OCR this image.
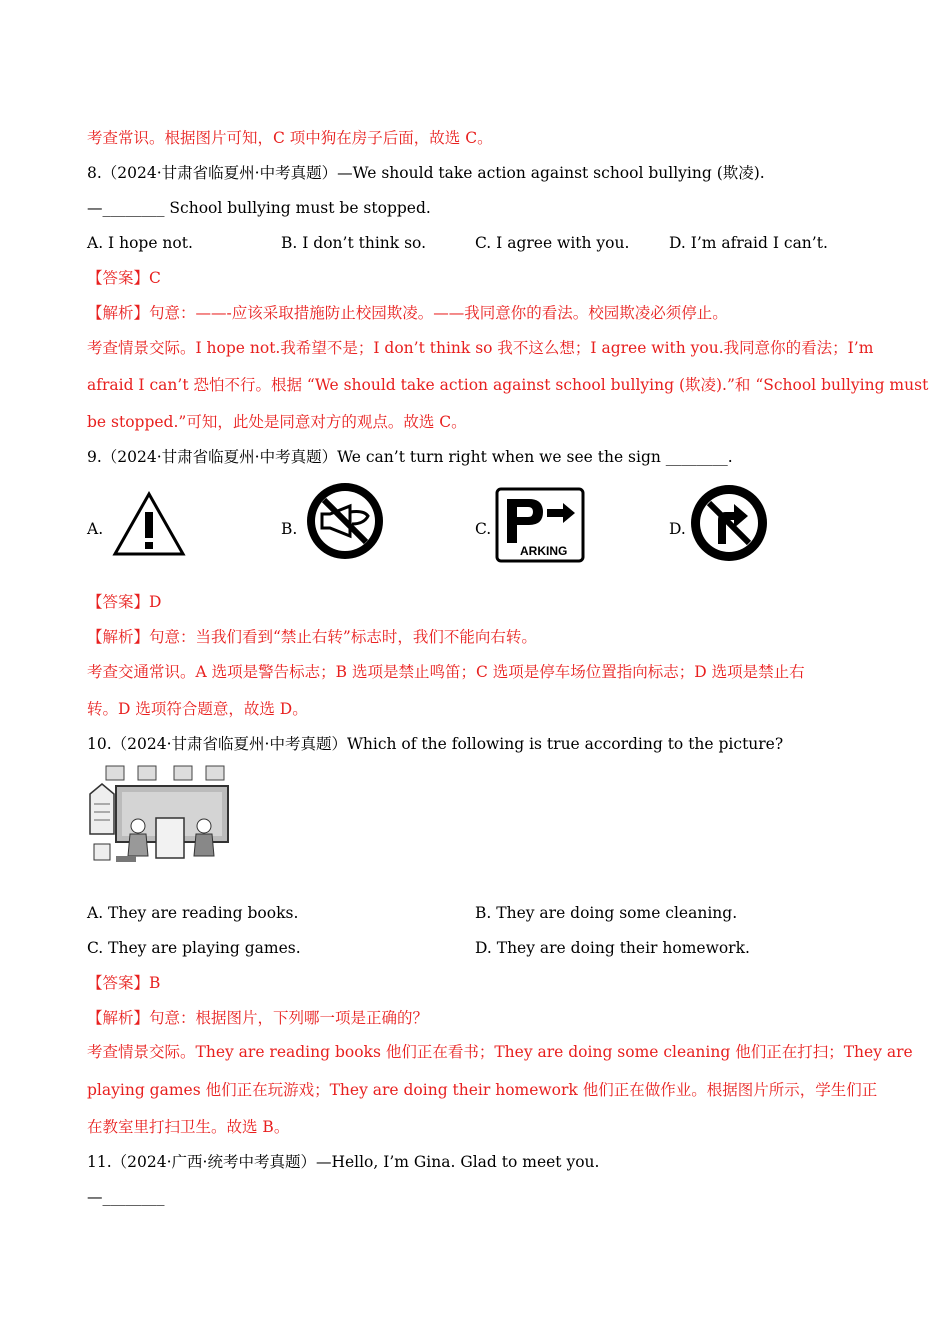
考查常识。根据图片可知，C 项中狗在房子后面，故选 C。
8.（2024·甘肃省临夏州·中考真题）—We should take action against school bullying (欺凌).
—________ School bullying must be stopped.
A. I hope not.	B. I don’t think so.	C. I agree with you.	D. I’m afraid I can’t.
【答案】C
【解析】句意：——-应该采取措施防止校园欺凌。——我同意你的看法。校园欺凌必须停止。
考查情景交际。I hope not.我希望不是；I don’t think so 我不这么想；I agree with you.我同意你的看法；I’m
afraid I can’t 恐怕不行。根据 “We should take action against school bullying (欺凌).”和 “School bullying must
be stopped.”可知，此处是同意对方的观点。故选 C。
9.（2024·甘肃省临夏州·中考真题）We can’t turn right when we see the sign ________.
A.	B.	C.
ARKING
D.
【答案】D
【解析】句意：当我们看到“禁止右转”标志时，我们不能向右转。
考查交通常识。A 选项是警告标志；B 选项是禁止鸣笛；C 选项是停车场位置指向标志；D 选项是禁止右
转。D 选项符合题意，故选 D。
10.（2024·甘肃省临夏州·中考真题）Which of the following is true according to the picture?
A. They are reading books.	B. They are doing some cleaning.
C. They are playing games.	D. They are doing their homework.
【答案】B
【解析】句意：根据图片，下列哪一项是正确的？
考查情景交际。They are reading books 他们正在看书；They are doing some cleaning 他们正在打扫；They are
playing games 他们正在玩游戏；They are doing their homework 他们正在做作业。根据图片所示，学生们正
在教室里打扫卫生。故选 B。
11.（2024·广西·统考中考真题）—Hello, I’m Gina. Glad to meet you.
—________
